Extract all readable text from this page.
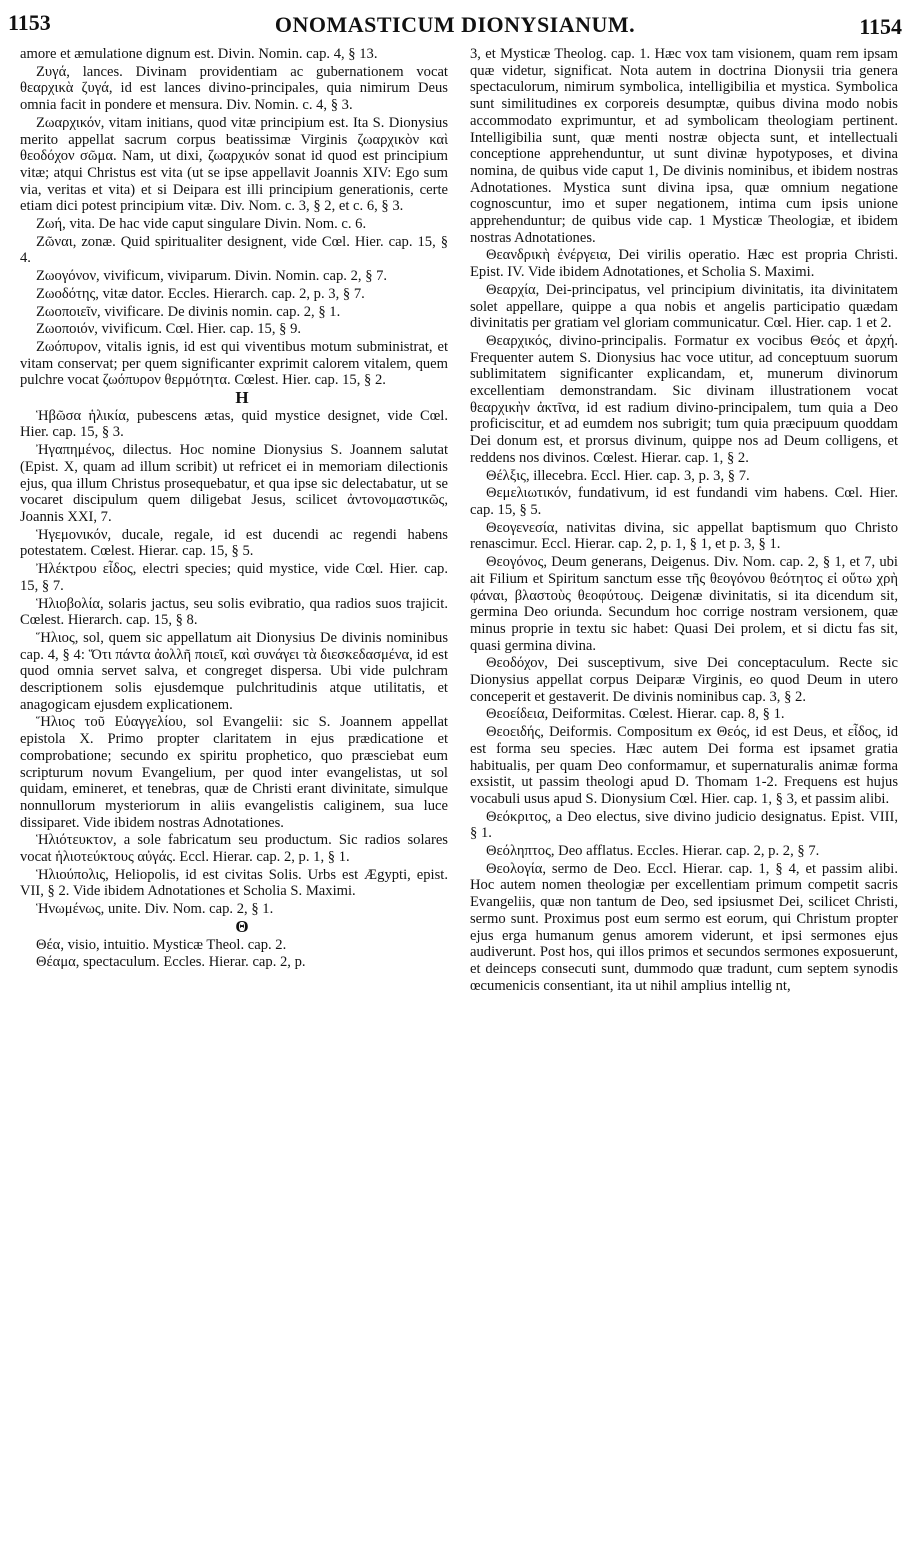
1153	ONOMASTICUM DIONYSIANUM.	1154

amore et æmulatione dignum est. Divin. Nomin. cap. 4, § 13.

Ζυγά, lances. Divinam providentiam ac gubernationem vocat θεαρχικὰ ζυγά, id est lances divino-principales, quia nimirum Deus omnia facit in pondere et mensura. Div. Nomin. c. 4, § 3.

Ζωαρχικόν, vitam initians, quod vitæ principium est. Ita S. Dionysius merito appellat sacrum corpus beatissimæ Virginis ζωαρχικὸν καὶ θεοδόχον σῶμα. Nam, ut dixi, ζωαρχικόν sonat id quod est principium vitæ; atqui Christus est vita (ut se ipse appellavit Joannis XIV: Ego sum via, veritas et vita) et si Deipara est illi principium generationis, certe etiam dici potest principium vitæ. Div. Nom. c. 3, § 2, et c. 6, § 3.

Ζωή, vita. De hac vide caput singulare Divin. Nom. c. 6.

Ζῶναι, zonæ. Quid spiritualiter designent, vide Cœl. Hier. cap. 15, § 4.

Ζωογόνον, vivificum, viviparum. Divin. Nomin. cap. 2, § 7.

Ζωοδότης, vitæ dator. Eccles. Hierarch. cap. 2, p. 3, § 7.

Ζωοποιεῖν, vivificare. De divinis nomin. cap. 2, § 1.

Ζωοποιόν, vivificum. Cœl. Hier. cap. 15, § 9.

Ζωόπυρον, vitalis ignis, id est qui viventibus motum subministrat, et vitam conservat; per quem significanter exprimit calorem vitalem, quem pulchre vocat ζωόπυρον θερμότητα. Cœlest. Hier. cap. 15, § 2.

H

Ἡβῶσα ἡλικία, pubescens ætas, quid mystice designet, vide Cœl. Hier. cap. 15, § 3.

Ἠγαπημένος, dilectus. Hoc nomine Dionysius S. Joannem salutat (Epist. X, quam ad illum scribit) ut refricet ei in memoriam dilectionis ejus, qua illum Christus prosequebatur, et qua ipse sic delectabatur, ut se vocaret discipulum quem diligebat Jesus, scilicet ἀντονομαστικῶς, Joannis XXI, 7.

Ἡγεμονικόν, ducale, regale, id est ducendi ac regendi habens potestatem. Cœlest. Hierar. cap. 15, § 5.

Ἠλέκτρου εἶδος, electri species; quid mystice, vide Cœl. Hier. cap. 15, § 7.

Ἡλιοβολία, solaris jactus, seu solis evibratio, qua radios suos trajicit. Cœlest. Hierarch. cap. 15, § 8.

Ἥλιος, sol, quem sic appellatum ait Dionysius De divinis nominibus cap. 4, § 4: Ὅτι πάντα ἀολλῆ ποιεῖ, καὶ συνάγει τὰ διεσκεδασμένα, id est quod omnia servet salva, et congreget dispersa. Ubi vide pulchram descriptionem solis ejusdemque pulchritudinis atque utilitatis, et anagogicam ejusdem explicationem.

Ἥλιος τοῦ Εὐαγγελίου, sol Evangelii: sic S. Joannem appellat epistola X. Primo propter claritatem in ejus prædicatione et comprobatione; secundo ex spiritu prophetico, quo præsciebat eum scripturum novum Evangelium, per quod inter evangelistas, ut sol quidam, emineret, et tenebras, quæ de Christi erant divinitate, simulque nonnullorum mysteriorum in aliis evangelistis caliginem, sua luce dissiparet. Vide ibidem nostras Adnotationes.

Ἡλιότευκτον, a sole fabricatum seu productum. Sic radios solares vocat ἡλιοτεύκτους αὐγάς. Eccl. Hierar. cap. 2, p. 1, § 1.

Ἡλιούπολις, Heliopolis, id est civitas Solis. Urbs est Ægypti, epist. VII, § 2. Vide ibidem Adnotationes et Scholia S. Maximi.

Ἡνωμένως, unite. Div. Nom. cap. 2, § 1.

Θ

Θέα, visio, intuitio. Mysticæ Theol. cap. 2.

Θέαμα, spectaculum. Eccles. Hierar. cap. 2, p.

3, et Mysticæ Theolog. cap. 1. Hæc vox tam visionem, quam rem ipsam quæ videtur, significat. Nota autem in doctrina Dionysii tria genera spectaculorum, nimirum symbolica, intelligibilia et mystica. Symbolica sunt similitudines ex corporeis desumptæ, quibus divina modo nobis accommodato exprimuntur, et ad symbolicam theologiam pertinent. Intelligibilia sunt, quæ menti nostræ objecta sunt, et intellectuali conceptione apprehenduntur, ut sunt divinæ hypotyposes, et divina nomina, de quibus vide caput 1, De divinis nominibus, et ibidem nostras Adnotationes. Mystica sunt divina ipsa, quæ omnium negatione cognoscuntur, imo et super negationem, intima cum ipsis unione apprehenduntur; de quibus vide cap. 1 Mysticæ Theologiæ, et ibidem nostras Adnotationes.

Θεανδρικὴ ἐνέργεια, Dei virilis operatio. Hæc est propria Christi. Epist. IV. Vide ibidem Adnotationes, et Scholia S. Maximi.

Θεαρχία, Dei-principatus, vel principium divinitatis, ita divinitatem solet appellare, quippe a qua nobis et angelis participatio quædam divinitatis per gratiam vel gloriam communicatur. Cœl. Hier. cap. 1 et 2.

Θεαρχικός, divino-principalis. Formatur ex vocibus Θεός et ἀρχή. Frequenter autem S. Dionysius hac voce utitur, ad conceptuum suorum sublimitatem significanter explicandam, et, munerum divinorum excellentiam demonstrandam. Sic divinam illustrationem vocat θεαρχικὴν ἀκτῖνα, id est radium divino-principalem, tum quia a Deo proficiscitur, et ad eumdem nos subrigit; tum quia præcipuum quoddam Dei donum est, et prorsus divinum, quippe nos ad Deum colligens, et reddens nos divinos. Cœlest. Hierar. cap. 1, § 2.

Θέλξις, illecebra. Eccl. Hier. cap. 3, p. 3, § 7.

Θεμελιωτικόν, fundativum, id est fundandi vim habens. Cœl. Hier. cap. 15, § 5.

Θεογενεσία, nativitas divina, sic appellat baptismum quo Christo renascimur. Eccl. Hierar. cap. 2, p. 1, § 1, et p. 3, § 1.

Θεογόνος, Deum generans, Deigenus. Div. Nom. cap. 2, § 1, et 7, ubi ait Filium et Spiritum sanctum esse τῆς θεογόνου θεότητος εἰ οὕτω χρὴ φάναι, βλαστοὺς θεοφύτους. Deigenæ divinitatis, si ita dicendum sit, germina Deo oriunda. Secundum hoc corrige nostram versionem, quæ minus proprie in textu sic habet: Quasi Dei prolem, et si dictu fas sit, quasi germina divina.

Θεοδόχον, Dei susceptivum, sive Dei conceptaculum. Recte sic Dionysius appellat corpus Deiparæ Virginis, eo quod Deum in utero conceperit et gestaverit. De divinis nominibus cap. 3, § 2.

Θεοείδεια, Deiformitas. Cœlest. Hierar. cap. 8, § 1.

Θεοειδής, Deiformis. Compositum ex Θεός, id est Deus, et εἶδος, id est forma seu species. Hæc autem Dei forma est ipsamet gratia habitualis, per quam Deo conformamur, et supernaturalis animæ forma exsistit, ut passim theologi apud D. Thomam 1-2. Frequens est hujus vocabuli usus apud S. Dionysium Cœl. Hier. cap. 1, § 3, et passim alibi.

Θεόκριτος, a Deo electus, sive divino judicio designatus. Epist. VIII, § 1.

Θεόληπτος, Deo afflatus. Eccles. Hierar. cap. 2, p. 2, § 7.

Θεολογία, sermo de Deo. Eccl. Hierar. cap. 1, § 4, et passim alibi. Hoc autem nomen theologiæ per excellentiam primum competit sacris Evangeliis, quæ non tantum de Deo, sed ipsiusmet Dei, scilicet Christi, sermo sunt. Proximus post eum sermo est eorum, qui Christum propter ejus erga humanum genus amorem viderunt, et ipsi sermones ejus audiverunt. Post hos, qui illos primos et secundos sermones exposuerunt, et deinceps consecuti sunt, dummodo quæ tradunt, cum septem synodis œcumenicis consentiant, ita ut nihil amplius intellig nt,
